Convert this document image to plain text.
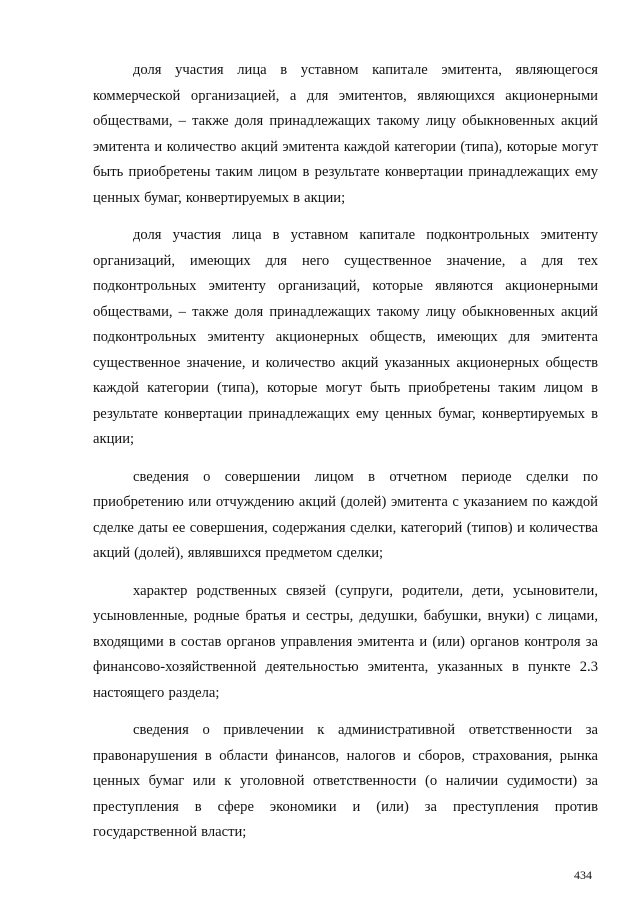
доля участия лица в уставном капитале эмитента, являющегося коммерческой организацией, а для эмитентов, являющихся акционерными обществами, – также доля принадлежащих такому лицу обыкновенных акций эмитента и количество акций эмитента каждой категории (типа), которые могут быть приобретены таким лицом в результате конвертации принадлежащих ему ценных бумаг, конвертируемых в акции;

доля участия лица в уставном капитале подконтрольных эмитенту организаций, имеющих для него существенное значение, а для тех подконтрольных эмитенту организаций, которые являются акционерными обществами, – также доля принадлежащих такому лицу обыкновенных акций подконтрольных эмитенту акционерных обществ, имеющих для эмитента существенное значение, и количество акций указанных акционерных обществ каждой категории (типа), которые могут быть приобретены таким лицом в результате конвертации принадлежащих ему ценных бумаг, конвертируемых в акции;

сведения о совершении лицом в отчетном периоде сделки по приобретению или отчуждению акций (долей) эмитента с указанием по каждой сделке даты ее совершения, содержания сделки, категорий (типов) и количества акций (долей), являвшихся предметом сделки;

характер родственных связей (супруги, родители, дети, усыновители, усыновленные, родные братья и сестры, дедушки, бабушки, внуки) с лицами, входящими в состав органов управления эмитента и (или) органов контроля за финансово-хозяйственной деятельностью эмитента, указанных в пункте 2.3 настоящего раздела;

сведения о привлечении к административной ответственности за правонарушения в области финансов, налогов и сборов, страхования, рынка ценных бумаг или к уголовной ответственности (о наличии судимости) за преступления в сфере экономики и (или) за преступления против государственной власти;

434
